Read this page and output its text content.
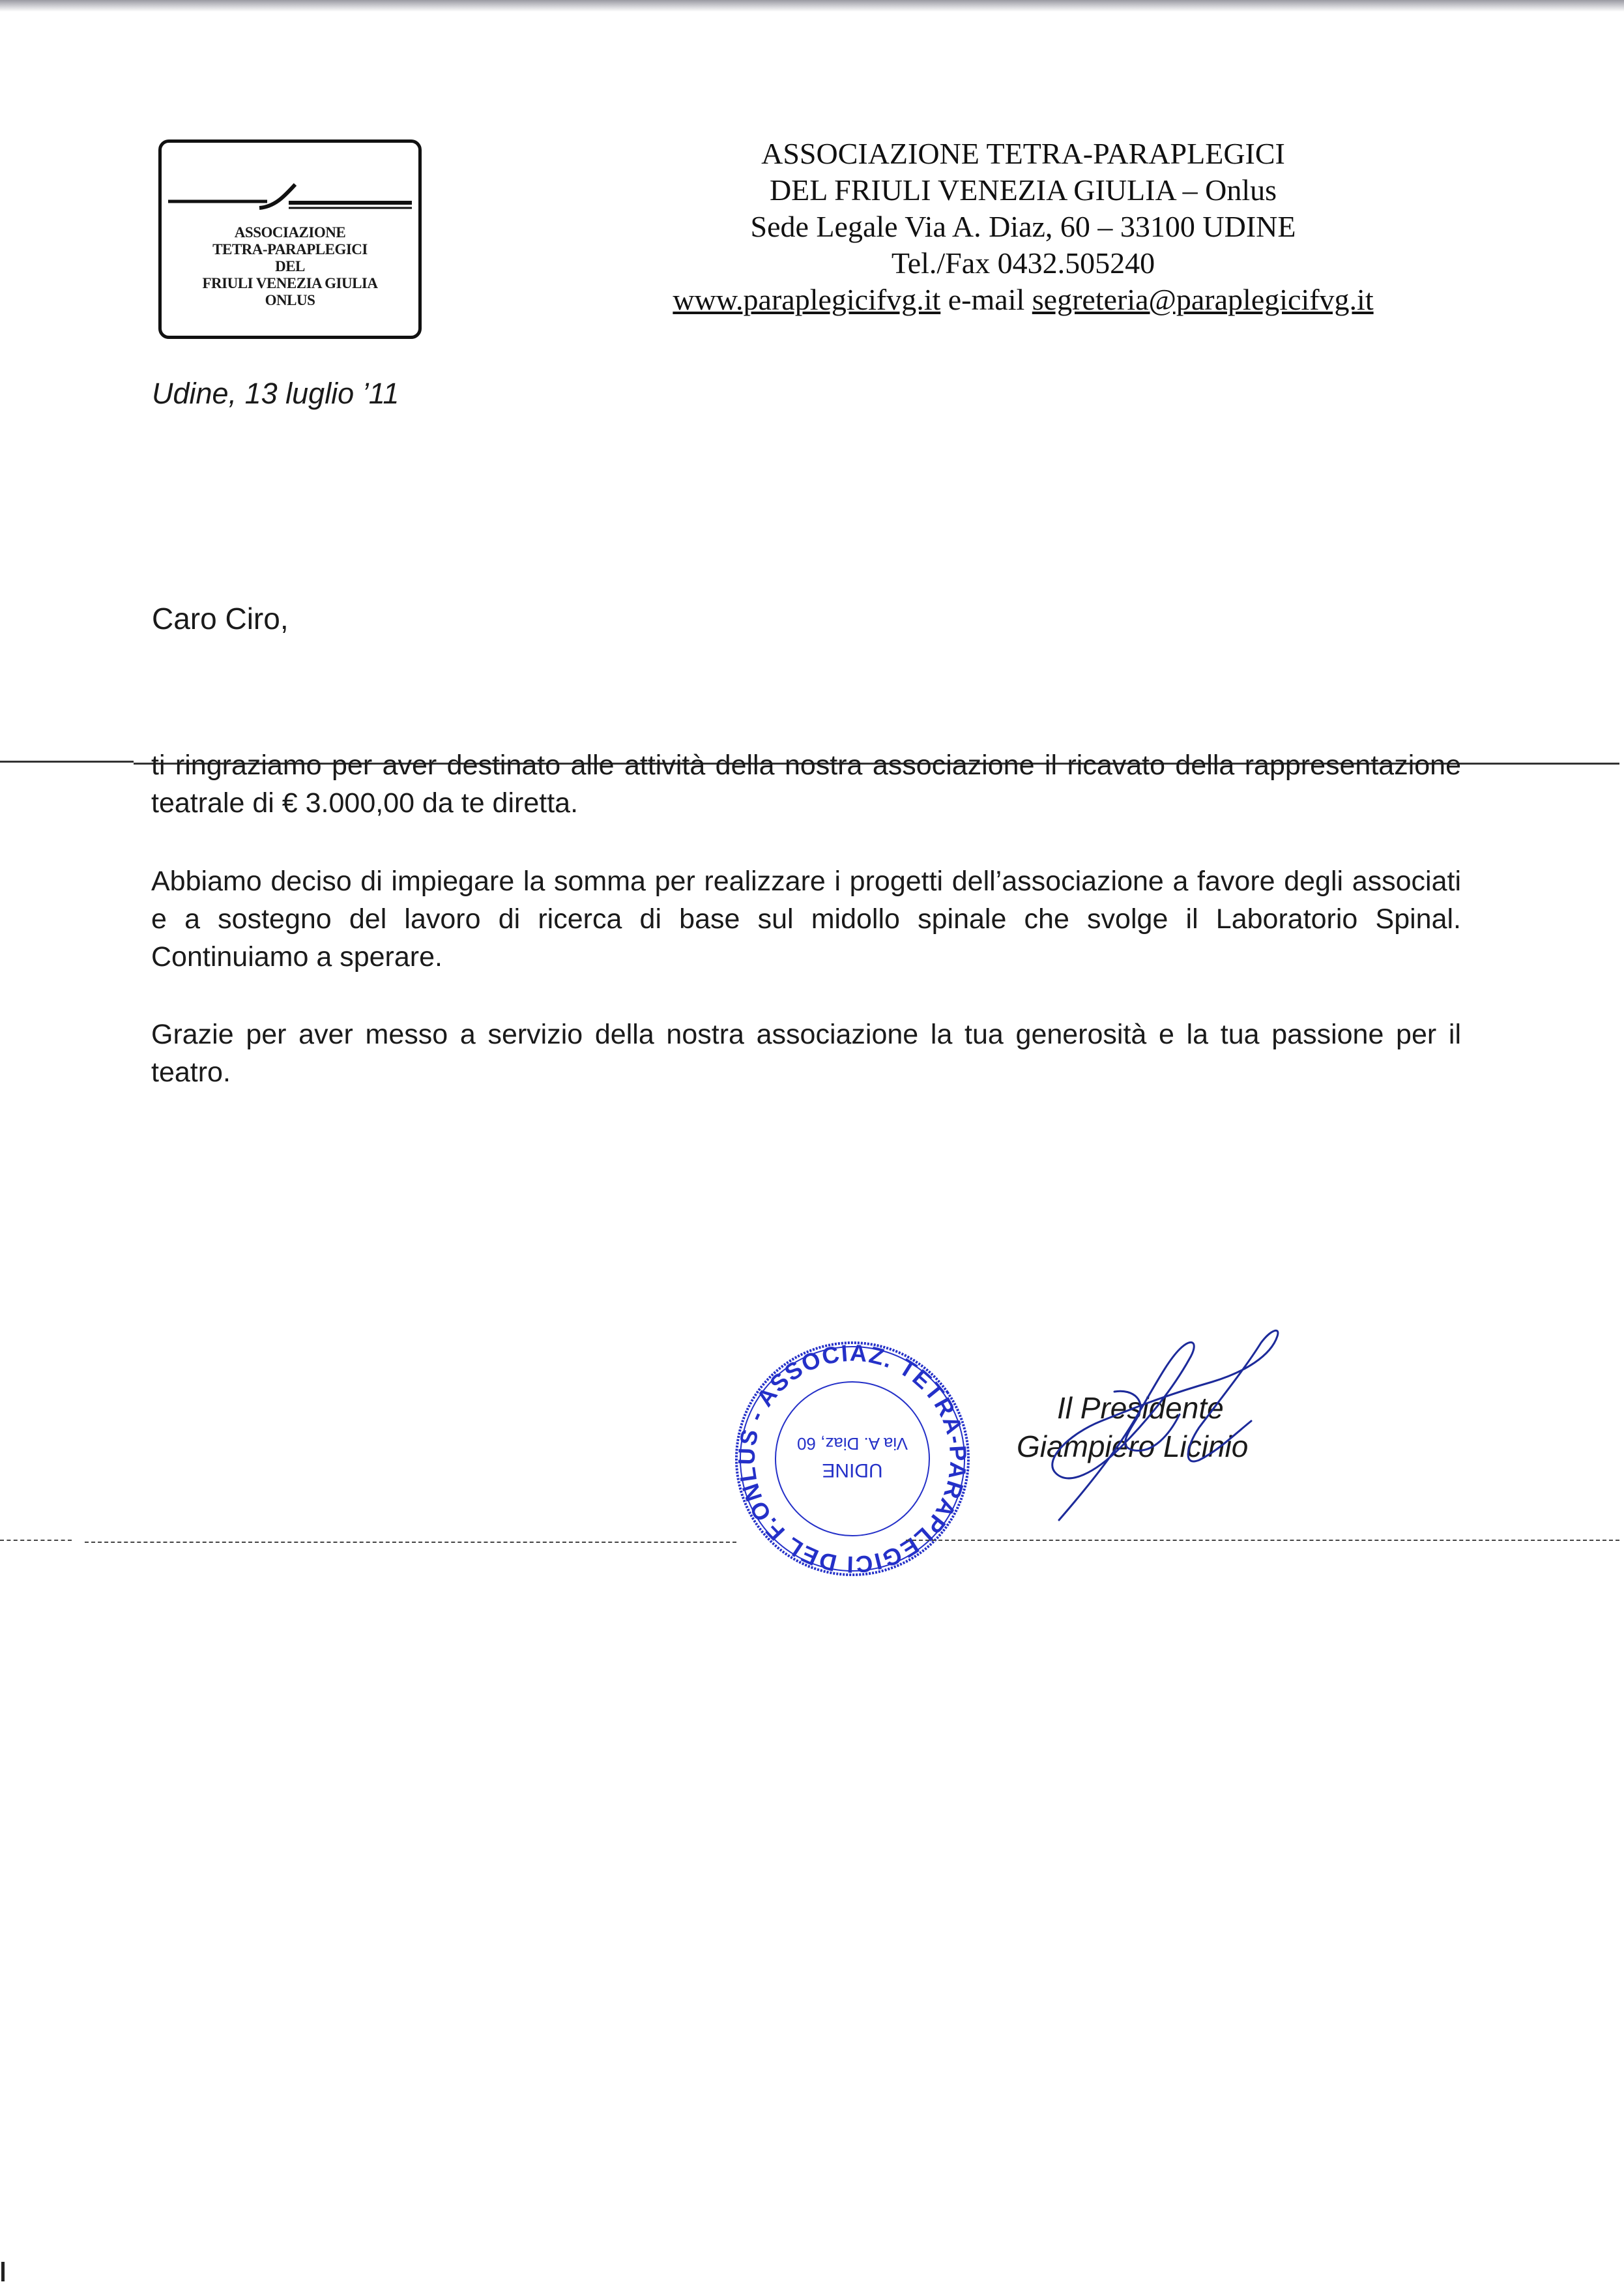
ASSOCIAZIONE
TETRA-PARAPLEGICI
DEL
FRIULI VENEZIA GIULIA
ONLUS
ASSOCIAZIONE TETRA-PARAPLEGICI
DEL FRIULI VENEZIA GIULIA – Onlus
Sede Legale Via A. Diaz, 60 – 33100 UDINE
Tel./Fax 0432.505240
www.paraplegicifvg.it e-mail segreteria@paraplegicifvg.it
Udine, 13 luglio ’11
Caro Ciro,

ti ringraziamo per aver destinato alle attività della nostra associazione il ricavato della rappresentazione teatrale di € 3.000,00 da te diretta.

Abbiamo deciso di impiegare la somma per realizzare i progetti dell’associazione a favore degli associati e a sostegno del lavoro di ricerca di base sul midollo spinale che svolge il Laboratorio Spinal. Continuiamo a sperare.

Grazie per aver messo a servizio della nostra associazione la tua generosità e la tua passione per il teatro.

ONLUS - ASSOCIAZ. TETRA-PARAPLEGICI DEL F.V.G.
UDINE
Via A. Diaz, 60
Il Presidente
Giampiero Licinio
